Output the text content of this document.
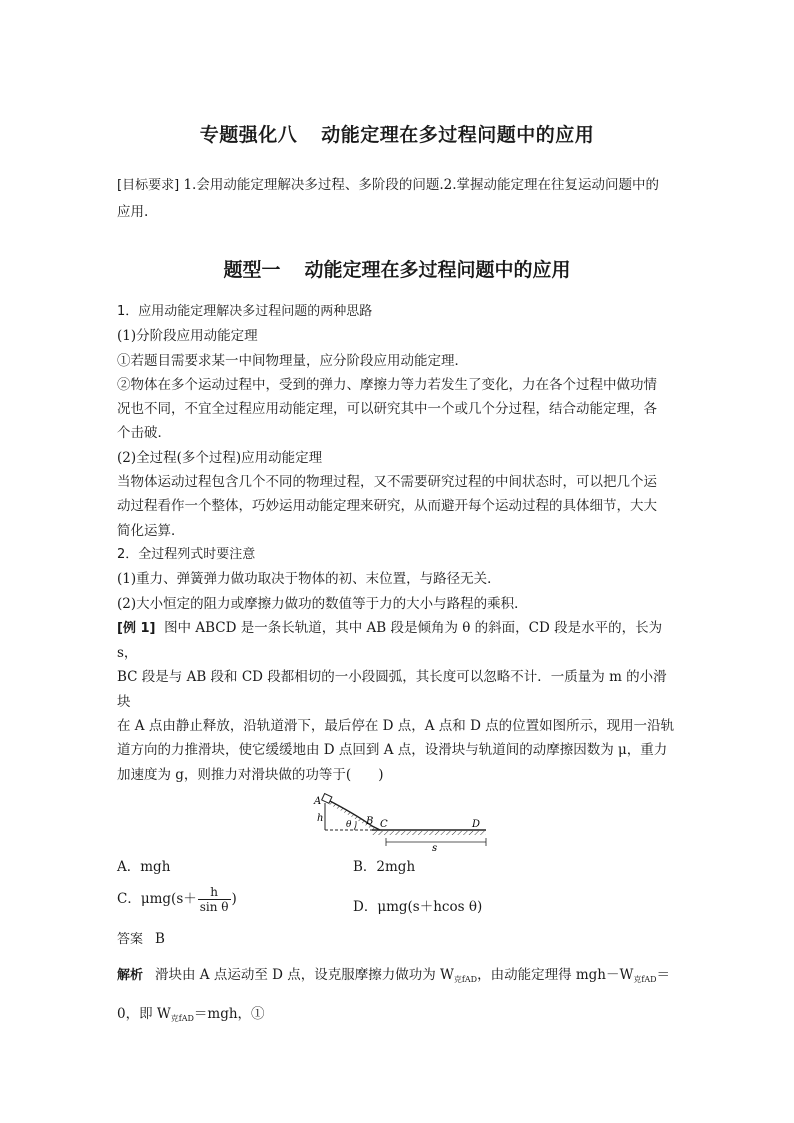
专题强化八 动能定理在多过程问题中的应用
[目标要求] 1.会用动能定理解决多过程、多阶段的问题.2.掌握动能定理在往复运动问题中的
应用.
题型一 动能定理在多过程问题中的应用

1．应用动能定理解决多过程问题的两种思路

(1)分阶段应用动能定理

①若题目需要求某一中间物理量，应分阶段应用动能定理．

②物体在多个运动过程中，受到的弹力、摩擦力等力若发生了变化，力在各个过程中做功情

况也不同，不宜全过程应用动能定理，可以研究其中一个或几个分过程，结合动能定理，各

个击破．

(2)全过程(多个过程)应用动能定理

当物体运动过程包含几个不同的物理过程，又不需要研究过程的中间状态时，可以把几个运

动过程看作一个整体，巧妙运用动能定理来研究，从而避开每个运动过程的具体细节，大大

简化运算．

2．全过程列式时要注意

(1)重力、弹簧弹力做功取决于物体的初、末位置，与路径无关．

(2)大小恒定的阻力或摩擦力做功的数值等于力的大小与路程的乘积．

[例 1] 图中 ABCD 是一条长轨道，其中 AB 段是倾角为 θ 的斜面，CD 段是水平的，长为 s，

BC 段是与 AB 段和 CD 段都相切的一小段圆弧，其长度可以忽略不计．一质量为 m 的小滑块

在 A 点由静止释放，沿轨道滑下，最后停在 D 点，A 点和 D 点的位置如图所示，现用一沿轨

道方向的力推滑块，使它缓缓地由 D 点回到 A 点，设滑块与轨道间的动摩擦因数为 μ，重力

加速度为 g，则推力对滑块做的功等于(　　)

A
h
θ B C	D
s
A．mgh	B．2mgh
C．$\mu mg(s+ \frac{h}{\text{sin θ}}$ )	D．μmg(s＋hcos θ)
答案 B
解析 滑块由 A 点运动至 D 点，设克服摩擦力做功为 $W_{克fAD}$，由动能定理得 $mgh-W_{克fAD}=$
0，即 $W_{克fAD}=mgh$，①
